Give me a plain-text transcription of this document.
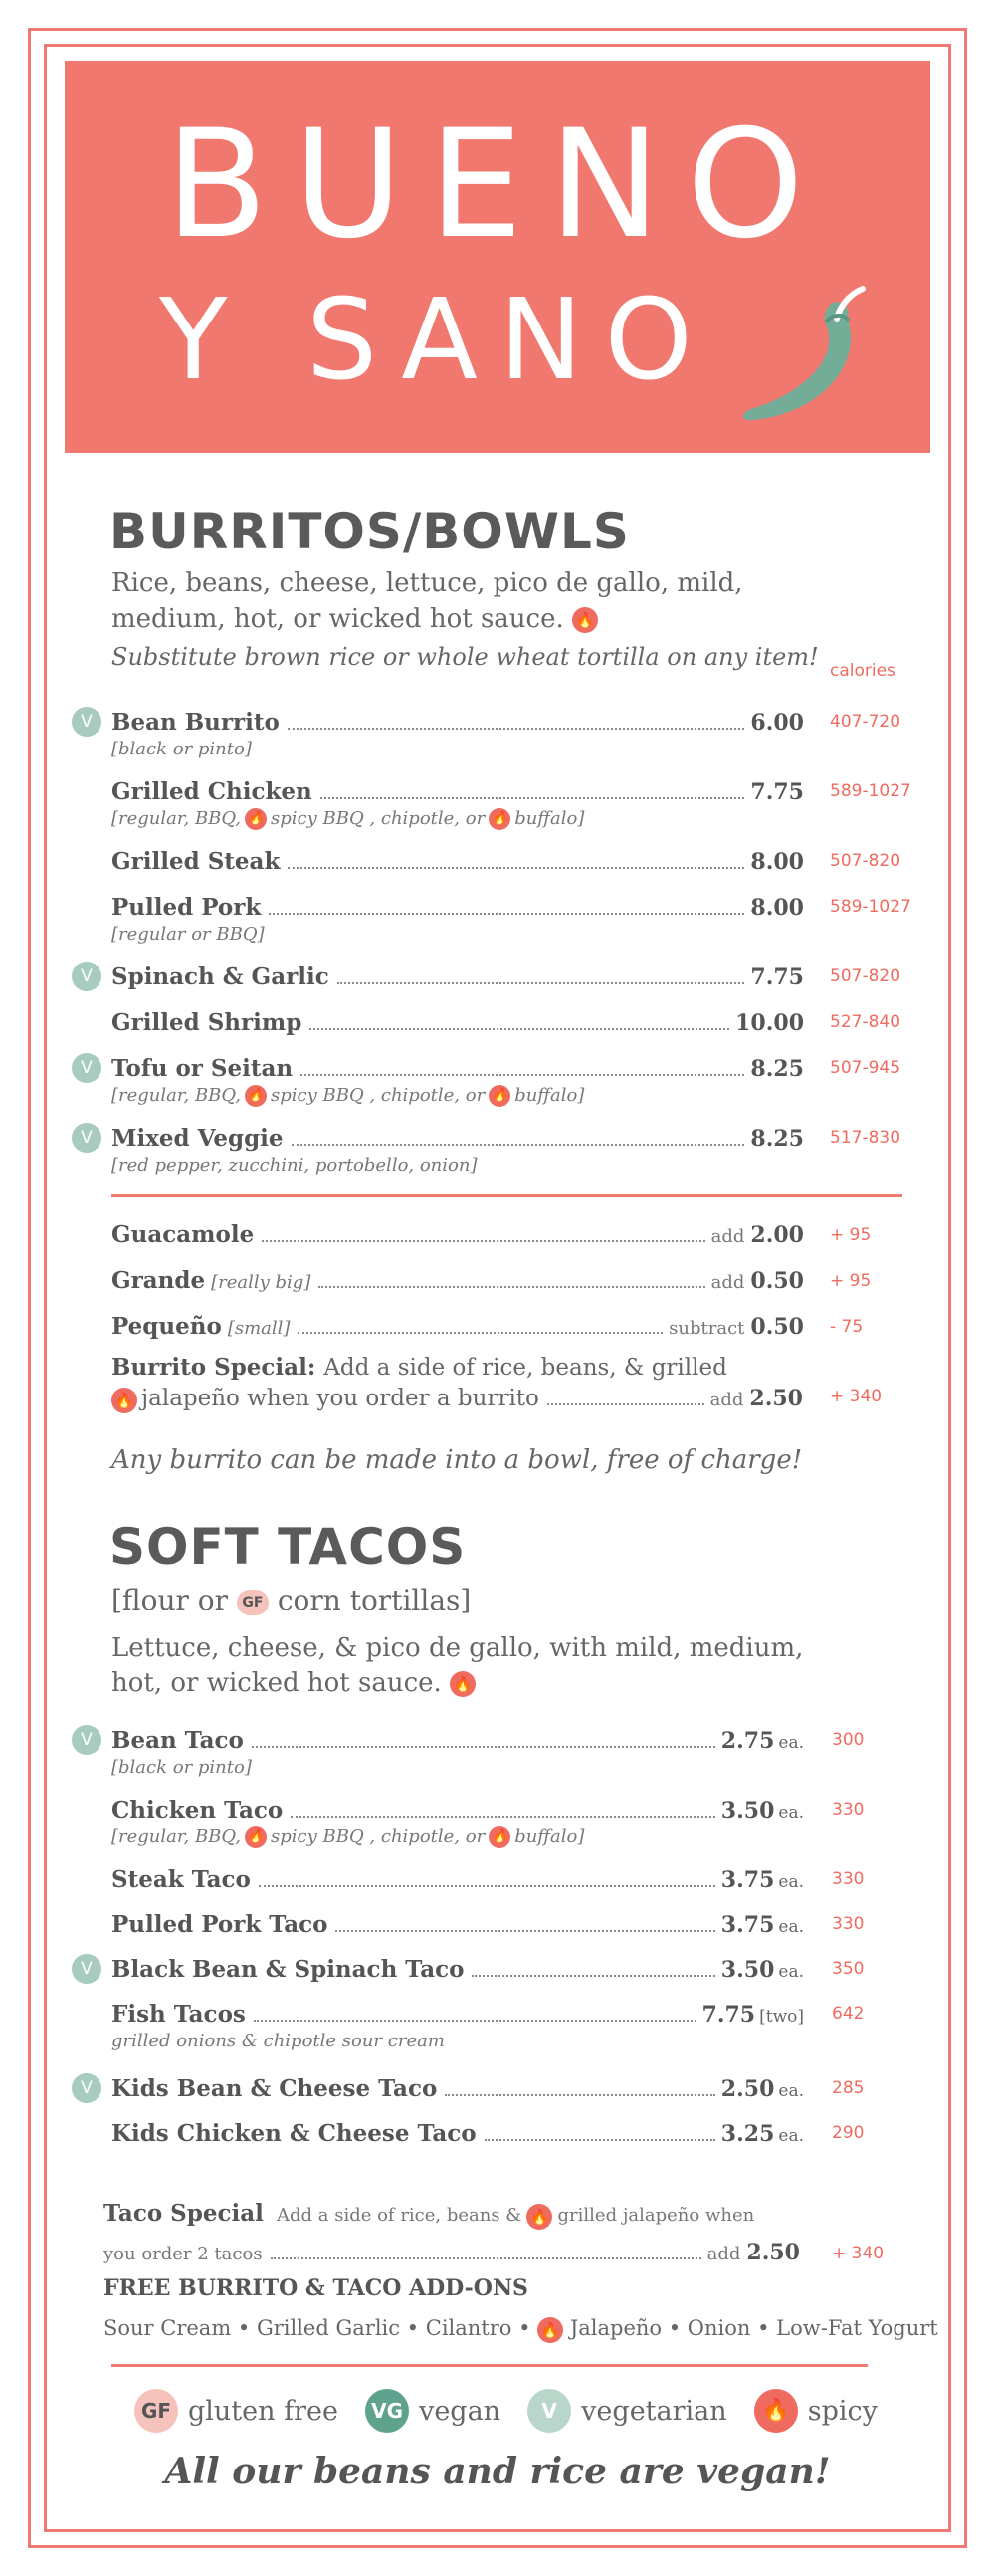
BUENO
Y SANO
BURRITOS/BOWLS
Rice, beans, cheese, lettuce, pico de gallo, mild,
medium, hot, or wicked hot sauce. 🔥
Substitute brown rice or whole wheat tortilla on any item! calories
V Bean Burrito	6.00 407-720
[black or pinto]
Grilled Chicken	7.75 589-1027
[regular, BBQ, 🔥 spicy BBQ , chipotle, or 🔥 buffalo]
Grilled Steak	8.00 507-820
Pulled Pork	8.00 589-1027
[regular or BBQ]
V Spinach & Garlic	7.75 507-820
Grilled Shrimp	10.00 527-840
V Tofu or Seitan	8.25 507-945
[regular, BBQ, 🔥 spicy BBQ , chipotle, or 🔥 buffalo]
V Mixed Veggie	8.25 517-830
[red pepper, zucchini, portobello, onion]
Guacamole	add 2.00 + 95
Grande [really big]	add 0.50 + 95
Pequeño [small]	subtract 0.50 - 75
Burrito Special: Add a side of rice, beans, & grilled
🔥 jalapeño when you order a burrito	add 2.50 + 340
Any burrito can be made into a bowl, free of charge!
SOFT TACOS
[flour or GF corn tortillas]
Lettuce, cheese, & pico de gallo, with mild, medium,
hot, or wicked hot sauce. 🔥
V Bean Taco	2.75 ea. 300
[black or pinto]
Chicken Taco	3.50 ea. 330
[regular, BBQ, 🔥 spicy BBQ , chipotle, or 🔥 buffalo]
Steak Taco	3.75 ea. 330
Pulled Pork Taco	3.75 ea. 330
V Black Bean & Spinach Taco	3.50 ea. 350
Fish Tacos	7.75 [two] 642
grilled onions & chipotle sour cream
V Kids Bean & Cheese Taco	2.50 ea. 285
Kids Chicken & Cheese Taco	3.25 ea. 290
Taco Special Add a side of rice, beans & 🔥 grilled jalapeño when
you order 2 tacos	add 2.50 + 340
FREE BURRITO & TACO ADD-ONS
Sour Cream • Grilled Garlic • Cilantro • 🔥 Jalapeño • Onion • Low-Fat Yogurt
GF gluten free VG vegan V vegetarian 🔥 spicy
All our beans and rice are vegan!
